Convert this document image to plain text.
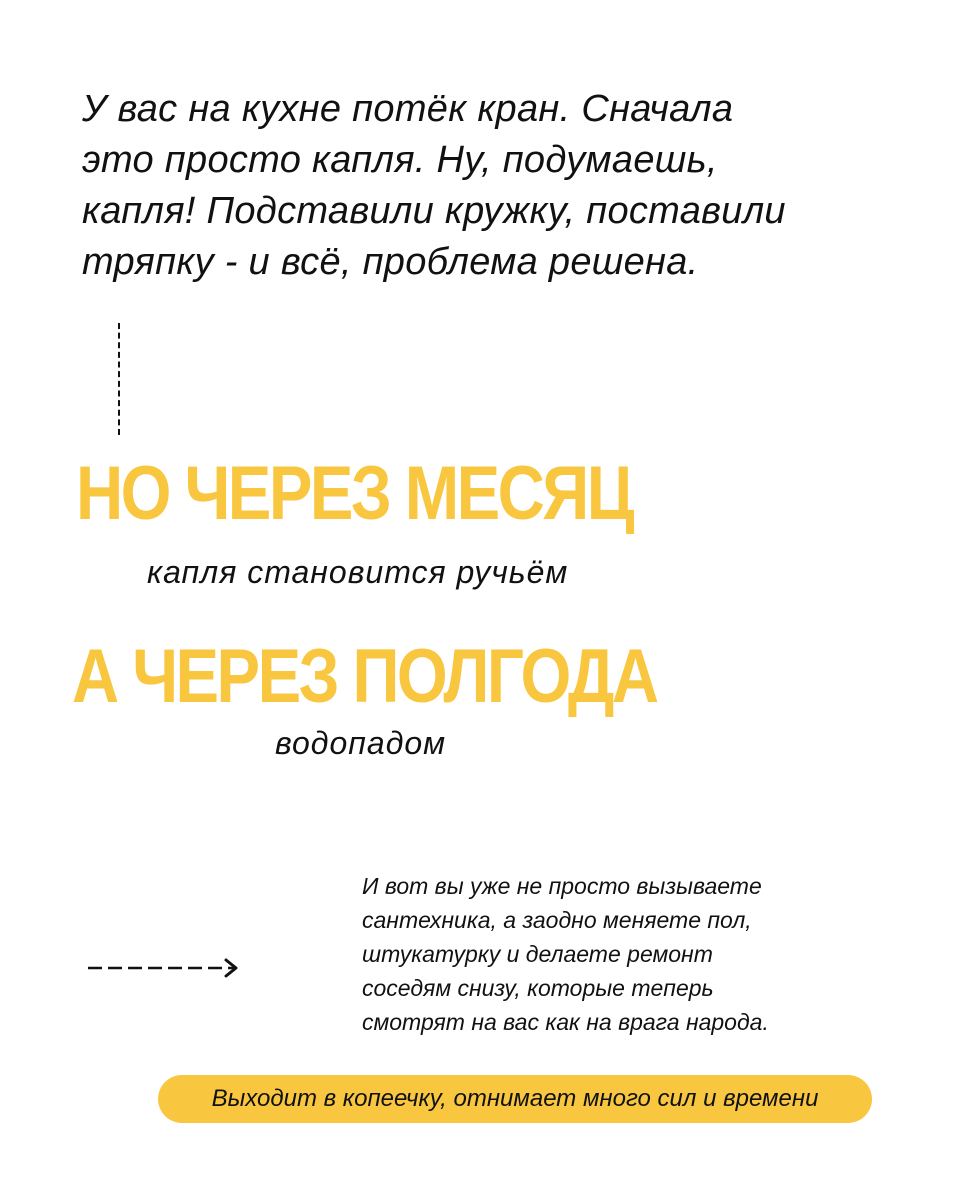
У вас на кухне потёк кран. Сначала
это просто капля. Ну, подумаешь,
капля! Подставили кружку, поставили
тряпку - и всё, проблема решена.
НО ЧЕРЕЗ МЕСЯЦ
капля становится ручьём
А ЧЕРЕЗ ПОЛГОДА
водопадом
И вот вы уже не просто вызываете
сантехника, а заодно меняете пол,
штукатурку и делаете ремонт
соседям снизу, которые теперь
смотрят на вас как на врага народа.
Выходит в копеечку, отнимает много сил и времени
